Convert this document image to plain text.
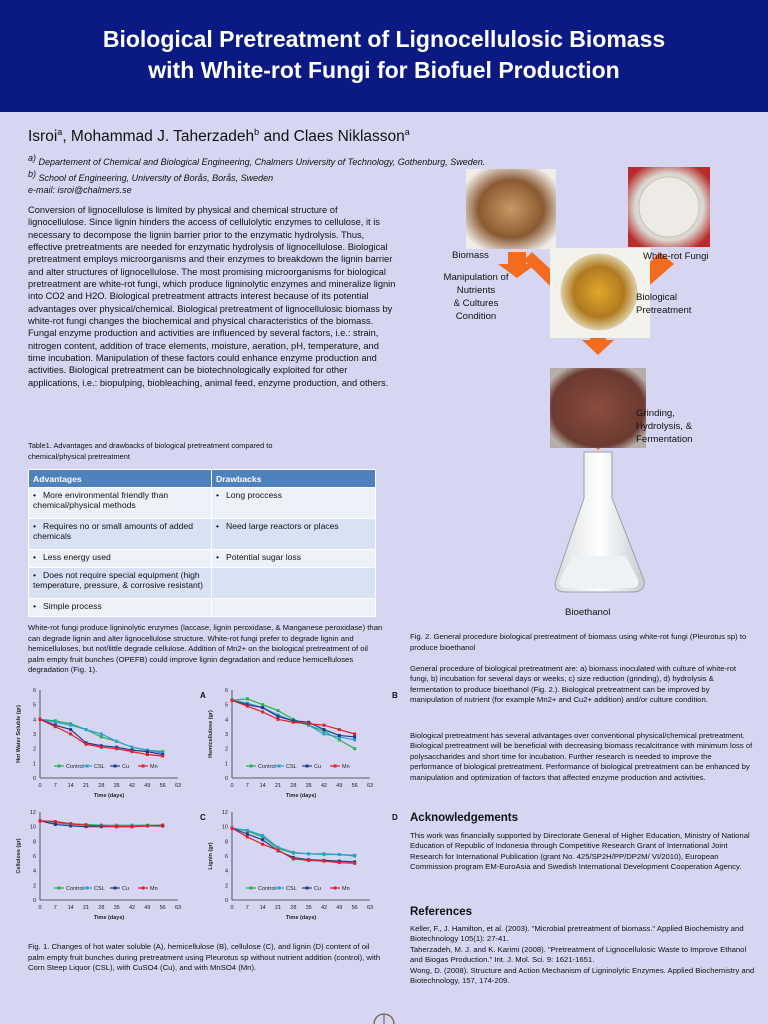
Biological Pretreatment of Lignocellulosic Biomass
with White-rot Fungi for Biofuel Production
Isroi$^a$, Mohammad J. Taherzadeh$^b$ and Claes Niklasson$^a$
$^{a)}$ Departement of Chemical and Biological Engineering, Chalmers University of Technology, Gothenburg, Sweden.
$^{b)}$ School of Engineering, University of Borås, Borås, Sweden
e-mail: isroi@chalmers.se
Conversion of lignocellulose is limited by physical and chemical structure of lignocellulose. Since lignin hinders the access of cellulolytic enzymes to cellulose, it is necessary to decompose the lignin barrier prior to the enzymatic hydrolysis. Thus, effective pretreatments are needed for enzymatic hydrolysis of lignocellulose. Biological pretreatment employs microorganisms and their enzymes to breakdown the lignin barrier and alter structures of lignocellulose. The most promising microorganisms for biological pretreatment are white-rot fungi, which produce ligninolytic enzymes and mineralize lignin into CO2 and H2O. Biological pretreatment attracts interest because of its potential advantages over physical/chemical. Biological pretreatment of lignocellulosic biomass by white-rot fungi changes the biochemical and physical characteristics of the biomass. Fungal enzyme production and activities are influenced by several factors, i.e.: strain, nitrogen content, addition of trace elements, moisture, aeration, pH, temperature, and time incubation. Manipulation of these factors could enhance enzyme production and activities. Biological pretreatment can be biotechnologically exploited for other applications, i.e.: biopulping, biobleaching, animal feed, enzyme production, and others.
Table1. Advantages and drawbacks of biological pretreatment compared to chemical/physical pretreatment
Advantages	Drawbacks
• More environmental friendly than chemical/physical methods	• Long proccess
• Requires no or small amounts of added chemicals	• Need large reactors or places
• Less energy used	• Potential sugar loss
• Does not require special equipment (high temperature, pressure, & corrosive resistant)	
• Simple process	
White-rot fungi produce ligninolytic enzymes (laccase, lignin peroxidase, & Manganese peroxidase) than can degrade lignin and alter lignocellulose structure. White-rot fungi prefer to degrade lignin and hemicelluloses, but not/little degrade cellulose. Addition of Mn2+ on the biological pretreatment of oil palm empty fruit bunches (OPEFB) could improve lignin degradation and reduce hemicelluloses degradation (Fig. 1).
0
1
2
3
4
5
6
0 7 14 21 28 35 42 49 56 63
Time (days)
Hot Water Soluble (gr)
A
Control CSL	Cu	Mn
0
1
2
3
4
5
6
0 7 14 21 28 35 42 49 56 63
Time (days)
Hemicellulose (gr)
B
Control CSL	Cu	Mn
0
2
4
6
8
10
12
0 7 14 21 28 35 42 49 56 63
Time (days)
Cellulose (gr)
C
Control CSL	Cu	Mn
0
2
4
6
8
10
12
0 7 14 21 28 35 42 49 56 63
Time (days)
Lignin (gr)
D
Control CSL	Cu	Mn
Fig. 1. Changes of hot water soluble (A), hemicellulose (B), cellulose (C), and lignin (D) content of oil palm empty fruit bunches during pretreatment using Pleurotus sp without nutrient addition (control), with Corn Steep Liquor (CSL), with CuSO4 (Cu), and with MnSO4 (Mn).
Biomass	White-rot Fungi
Manipulation of
Nutrients
& Cultures
Condition
Biological
Pretreatment
Grinding,
Hydrolysis, &
Fermentation
Bioethanol
Fig. 2. General procedure biological pretreatment of biomass using white-rot fungi (Pleurotus sp) to produce bioethanol
General procedure of biological pretreatment are: a) biomass inoculated with culture of white-rot fungi, b) incubation for several days or weeks, c) size reduction (grinding), d) hydrolysis & fermentation to produce bioethanol (Fig. 2.). Biological pretreatment can be improved by manipulation of nutrient (for example Mn2+ and Cu2+ addition) and/or culture condition.
Biological pretreatment has several advantages over conventional physical/chemical pretreatment. Biological pretreatment will be beneficial with decreasing biomass recalcitrance with minimum loss of polysaccharides and short time for incubation. Further research is needed to improve the performance of biological pretreatment. Performance of biological pretreatment can be enhanced by manipulation and optimization of factors that affected enzyme production and activities.
Acknowledgements
This work was financially supported by Directorate General of Higher Education, Ministry of National Education of Republic of Indonesia through Competitive Research Grant of International Joint Research for International Publication (grant No. 425/SP2H/PP/DP2M/ VI/2010), European Commission program EM-EuroAsia and Swedish International Development Cooperation Agency.
References

Keller, F., J. Hamilton, et al. (2003). "Microbial pretreatment of biomass." Applied Biochemistry and Biotechnology 105(1): 27-41.

Taherzadeh, M. J. and K. Karimi (2008). "Pretreatment of Lignocellulosic Waste to Improve Ethanol and Biogas Production." Int. J. Mol. Sci. 9: 1621-1651.

Wong, D. (2008). Structure and Action Mechanism of Ligninolytic Enzymes. Applied Biochemistry and Biotechnology, 157, 174-209.
